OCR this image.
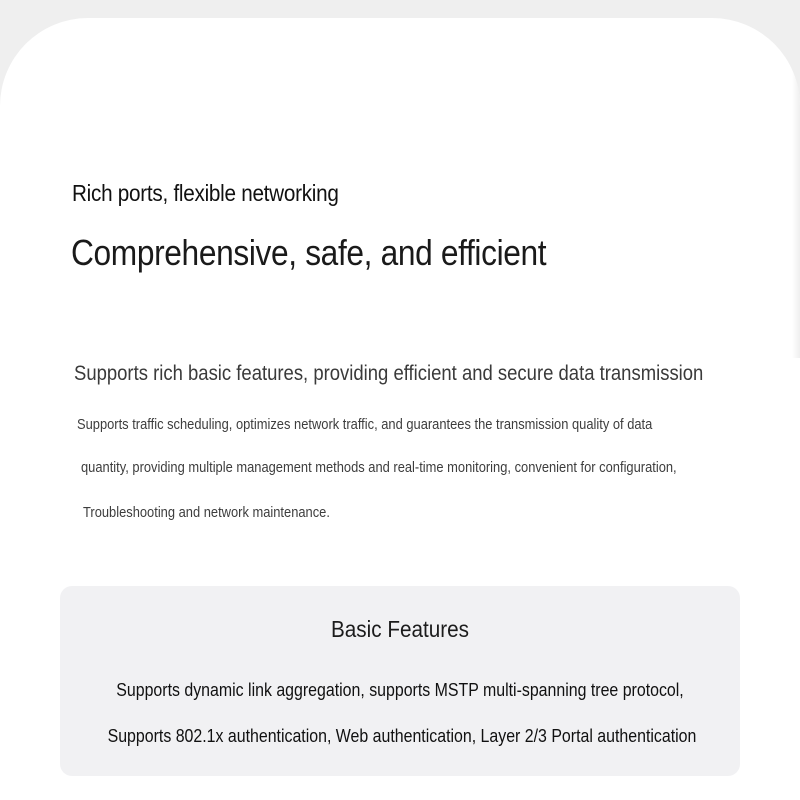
Rich ports, flexible networking
Comprehensive, safe, and efficient
Supports rich basic features, providing efficient and secure data transmission
Supports traffic scheduling, optimizes network traffic, and guarantees the transmission quality of data
quantity, providing multiple management methods and real-time monitoring, convenient for configuration,
Troubleshooting and network maintenance.
Basic Features
Supports dynamic link aggregation, supports MSTP multi-spanning tree protocol,
Supports 802.1x authentication, Web authentication, Layer 2/3 Portal authentication
